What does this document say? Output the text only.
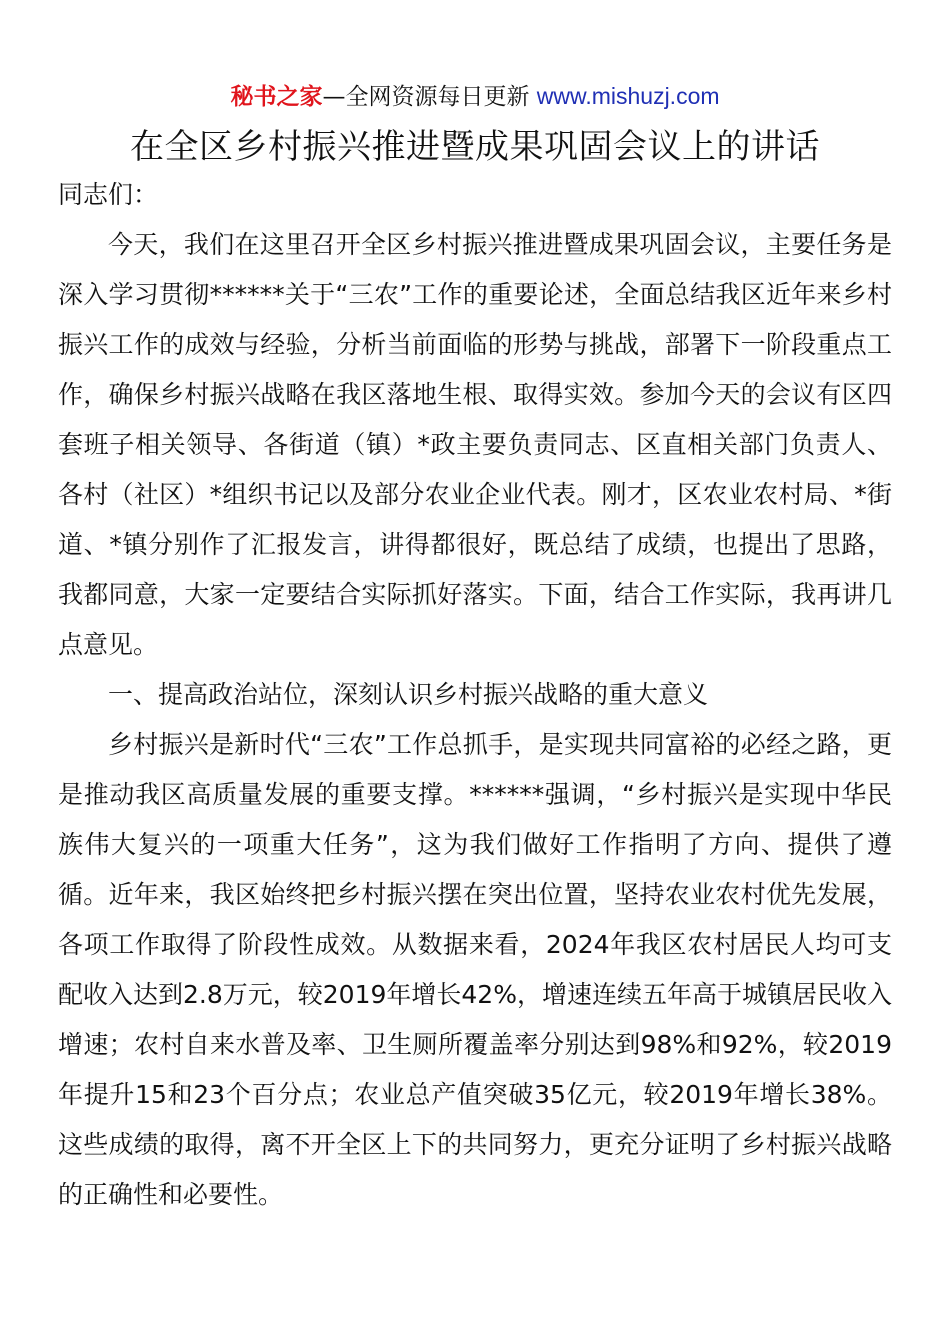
秘书之家—全网资源每日更新 www.mishuzj.com
在全区乡村振兴推进暨成果巩固会议上的讲话

同志们：

今天，我们在这里召开全区乡村振兴推进暨成果巩固会议，主要任务是深入学习贯彻******关于“三农”工作的重要论述，全面总结我区近年来乡村振兴工作的成效与经验，分析当前面临的形势与挑战，部署下一阶段重点工作，确保乡村振兴战略在我区落地生根、取得实效。参加今天的会议有区四套班子相关领导、各街道（镇）*政主要负责同志、区直相关部门负责人、各村（社区）*组织书记以及部分农业企业代表。刚才，区农业农村局、*街道、*镇分别作了汇报发言，讲得都很好，既总结了成绩，也提出了思路，我都同意，大家一定要结合实际抓好落实。下面，结合工作实际，我再讲几点意见。

一、提高政治站位，深刻认识乡村振兴战略的重大意义

乡村振兴是新时代“三农”工作总抓手，是实现共同富裕的必经之路，更是推动我区高质量发展的重要支撑。******强调，“乡村振兴是实现中华民族伟大复兴的一项重大任务”，这为我们做好工作指明了方向、提供了遵循。近年来，我区始终把乡村振兴摆在突出位置，坚持农业农村优先发展，各项工作取得了阶段性成效。从数据来看，2024年我区农村居民人均可支配收入达到2.8万元，较2019年增长42%，增速连续五年高于城镇居民收入增速；农村自来水普及率、卫生厕所覆盖率分别达到98%和92%，较2019年提升15和23个百分点；农业总产值突破35亿元，较2019年增长38%。这些成绩的取得，离不开全区上下的共同努力，更充分证明了乡村振兴战略的正确性和必要性。
